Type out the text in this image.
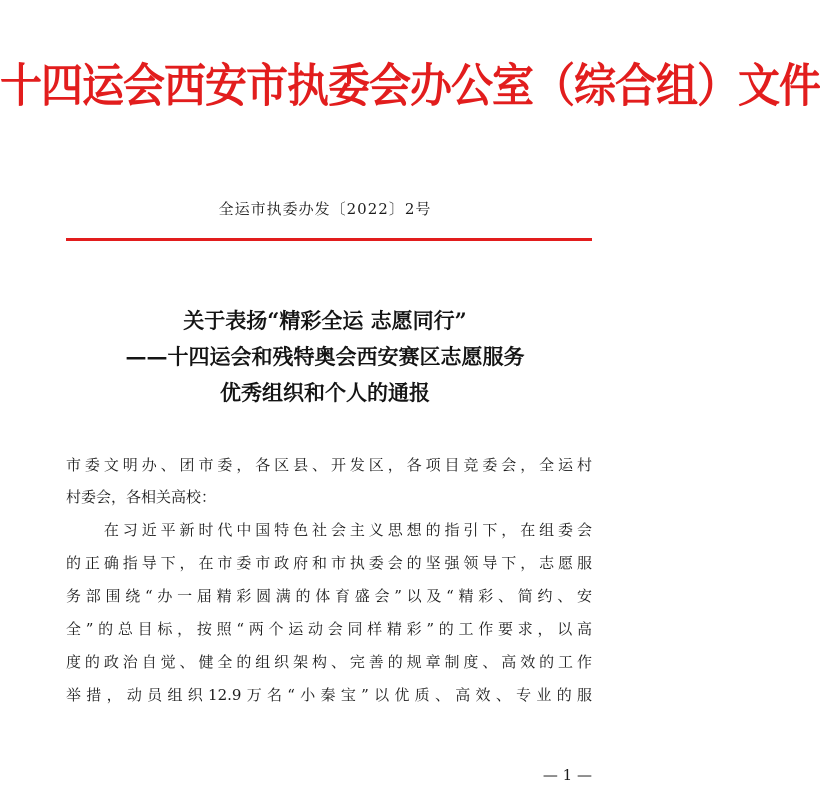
十四运会西安市执委会办公室（综合组）文件
全运市执委办发〔2022〕2号
关于表扬“精彩全运 志愿同行”
——十四运会和残特奥会西安赛区志愿服务
优秀组织和个人的通报
市委文明办、团市委，各区县、开发区，各项目竞委会，全运村
村委会，各相关高校：
　　在习近平新时代中国特色社会主义思想的指引下，在组委会
的正确指导下，在市委市政府和市执委会的坚强领导下，志愿服
务部围绕“办一届精彩圆满的体育盛会”以及“精彩、简约、安
全”的总目标，按照“两个运动会同样精彩”的工作要求，以高
度的政治自觉、健全的组织架构、完善的规章制度、高效的工作
举措，动员组织12.9万名“小秦宝”以优质、高效、专业的服
— 1 —
